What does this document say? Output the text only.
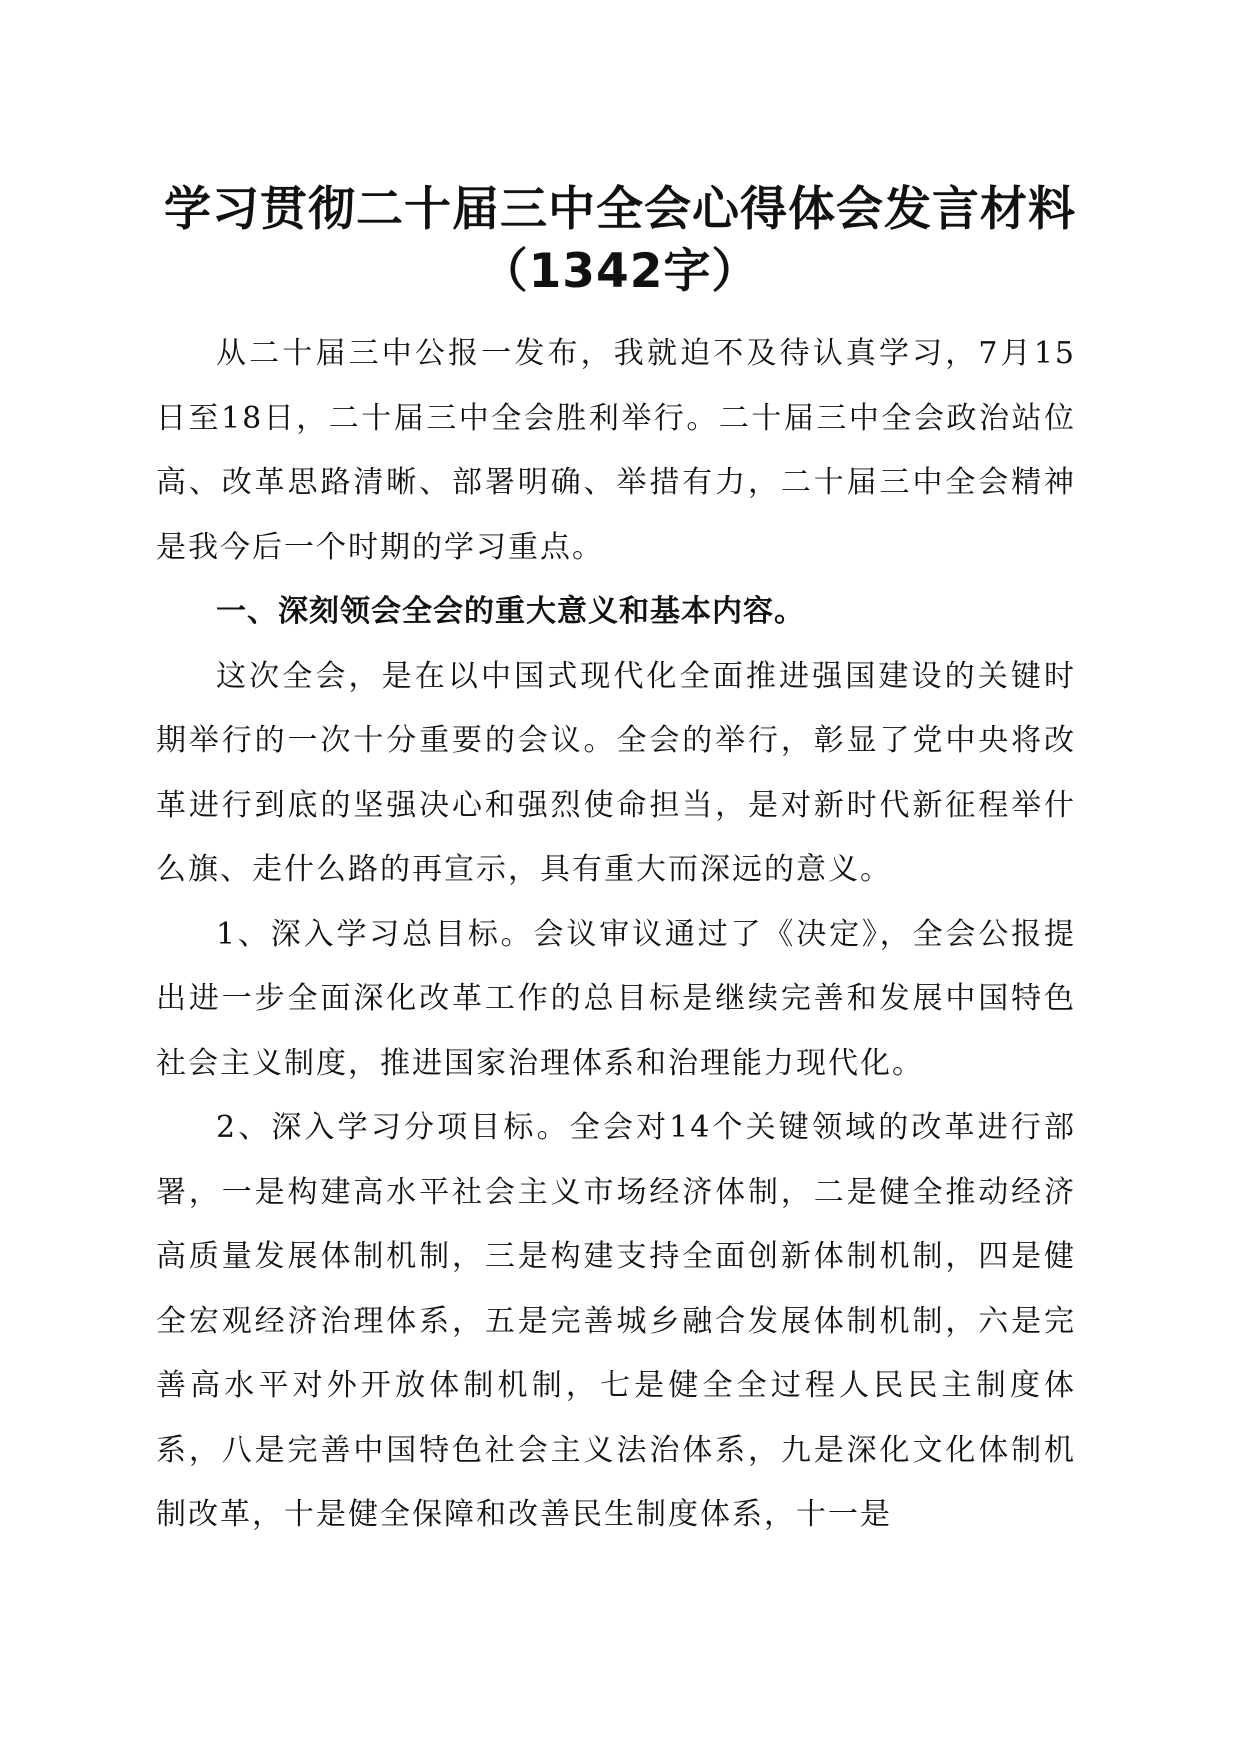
学习贯彻二十届三中全会心得体会发言材料
（1342字）

从二十届三中公报一发布，我就迫不及待认真学习，7月15日至18日，二十届三中全会胜利举行。二十届三中全会政治站位高、改革思路清晰、部署明确、举措有力，二十届三中全会精神是我今后一个时期的学习重点。

一、深刻领会全会的重大意义和基本内容。

这次全会，是在以中国式现代化全面推进强国建设的关键时期举行的一次十分重要的会议。全会的举行，彰显了党中央将改革进行到底的坚强决心和强烈使命担当，是对新时代新征程举什么旗、走什么路的再宣示，具有重大而深远的意义。

1、深入学习总目标。会议审议通过了《决定》，全会公报提出进一步全面深化改革工作的总目标是继续完善和发展中国特色社会主义制度，推进国家治理体系和治理能力现代化。

2、深入学习分项目标。全会对14个关键领域的改革进行部署，一是构建高水平社会主义市场经济体制，二是健全推动经济高质量发展体制机制，三是构建支持全面创新体制机制，四是健全宏观经济治理体系，五是完善城乡融合发展体制机制，六是完善高水平对外开放体制机制，七是健全全过程人民民主制度体系，八是完善中国特色社会主义法治体系，九是深化文化体制机制改革，十是健全保障和改善民生制度体系，十一是
